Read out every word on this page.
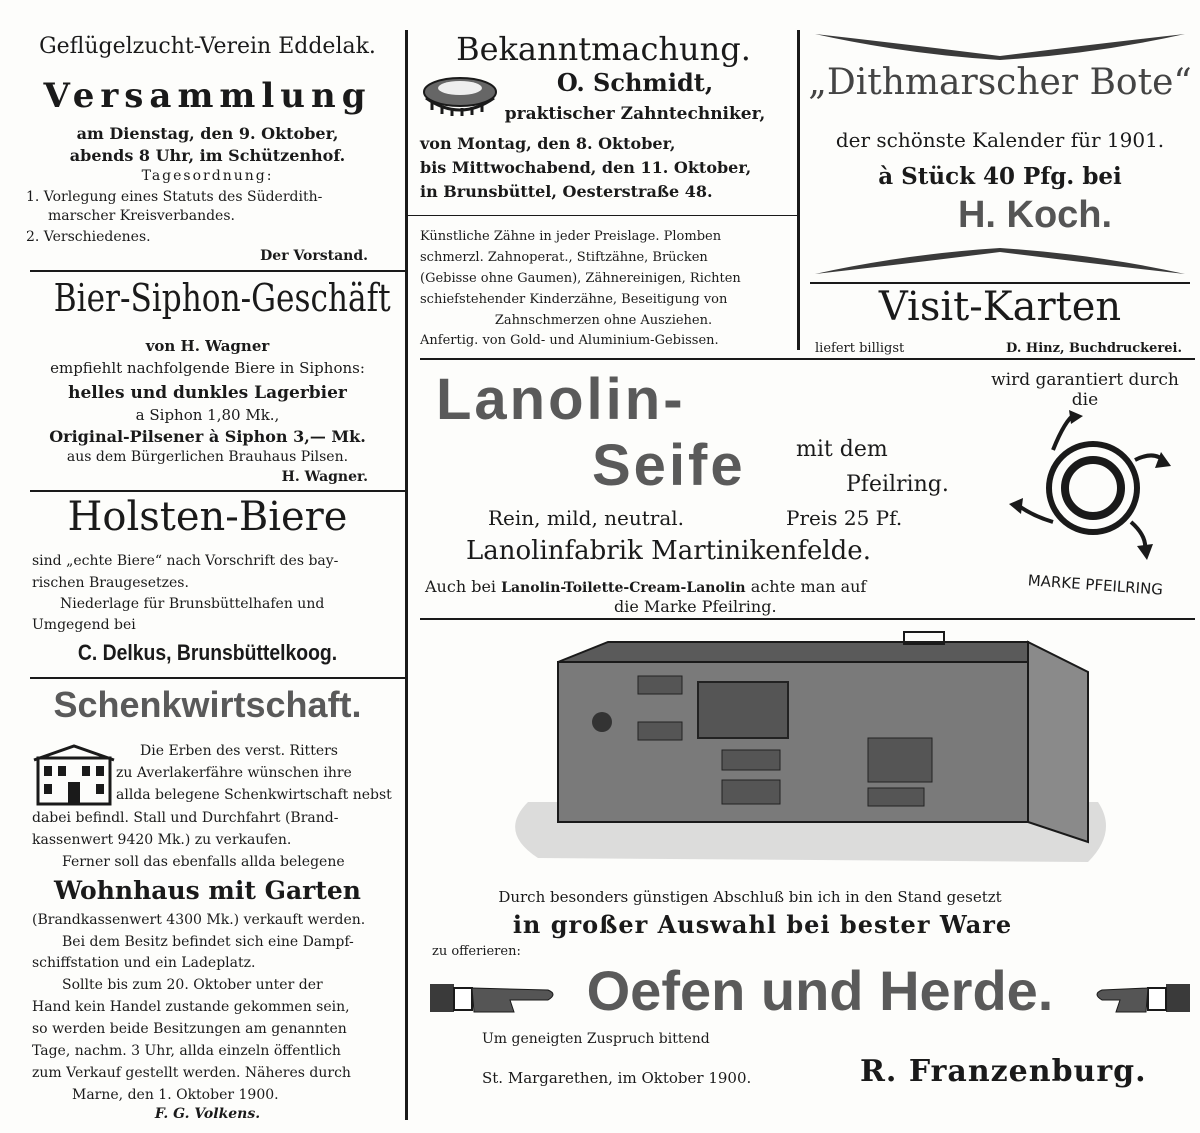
Geflügelzucht-Verein Eddelak.
Versammlung
am Dienstag, den 9. Oktober,
abends 8 Uhr, im Schützenhof.
Tagesordnung:
1. Vorlegung eines Statuts des Süderdith-
marscher Kreisverbandes.
2. Verschiedenes.
Der Vorstand.
Bier-Siphon-Geschäft
von H. Wagner
empfiehlt nachfolgende Biere in Siphons:
helles und dunkles Lagerbier
a Siphon 1,80 Mk.,
Original-Pilsener à Siphon 3,— Mk.
aus dem Bürgerlichen Brauhaus Pilsen.
H. Wagner.
Holsten-Biere
sind „echte Biere“ nach Vorschrift des bay-
rischen Braugesetzes.
Niederlage für Brunsbüttelhafen und
Umgegend bei
C. Delkus, Brunsbüttelkoog.
Schenkwirtschaft.
Die Erben des verst. Ritters
zu Averlakerfähre wünschen ihre
allda belegene Schenkwirtschaft nebst
dabei befindl. Stall und Durchfahrt (Brand-
kassenwert 9420 Mk.) zu verkaufen.
Ferner soll das ebenfalls allda belegene
Wohnhaus mit Garten
(Brandkassenwert 4300 Mk.) verkauft werden.
Bei dem Besitz befindet sich eine Dampf-
schiffstation und ein Ladeplatz.
Sollte bis zum 20. Oktober unter der
Hand kein Handel zustande gekommen sein,
so werden beide Besitzungen am genannten
Tage, nachm. 3 Uhr, allda einzeln öffentlich
zum Verkauf gestellt werden. Näheres durch
Marne, den 1. Oktober 1900.
F. G. Volkens.
Bekanntmachung.
O. Schmidt,
praktischer Zahntechniker,
von Montag, den 8. Oktober,
bis Mittwochabend, den 11. Oktober,
in Brunsbüttel, Oesterstraße 48.
Künstliche Zähne in jeder Preislage. Plomben
schmerzl. Zahnoperat., Stiftzähne, Brücken
(Gebisse ohne Gaumen), Zähnereinigen, Richten
schiefstehender Kinderzähne, Beseitigung von
Zahnschmerzen ohne Ausziehen.
Anfertig. von Gold- und Aluminium-Gebissen.
„Dithmarscher Bote“
der schönste Kalender für 1901.
à Stück 40 Pfg. bei
H. Koch.
Visit-Karten
liefert billigst	D. Hinz, Buchdruckerei.
Lanolin-
Seife mit dem
Pfeilring.
wird garantiert durch
die
Rein, mild, neutral.	Preis 25 Pf.
Lanolinfabrik Martinikenfelde.
Auch bei Lanolin-Toilette-Cream-Lanolin achte man auf
die Marke Pfeilring.
MARKE PFEILRING
Durch besonders günstigen Abschluß bin ich in den Stand gesetzt
in großer Auswahl bei bester Ware
zu offerieren:
Oefen und Herde.
Um geneigten Zuspruch bittend
St. Margarethen, im Oktober 1900.	R. Franzenburg.
